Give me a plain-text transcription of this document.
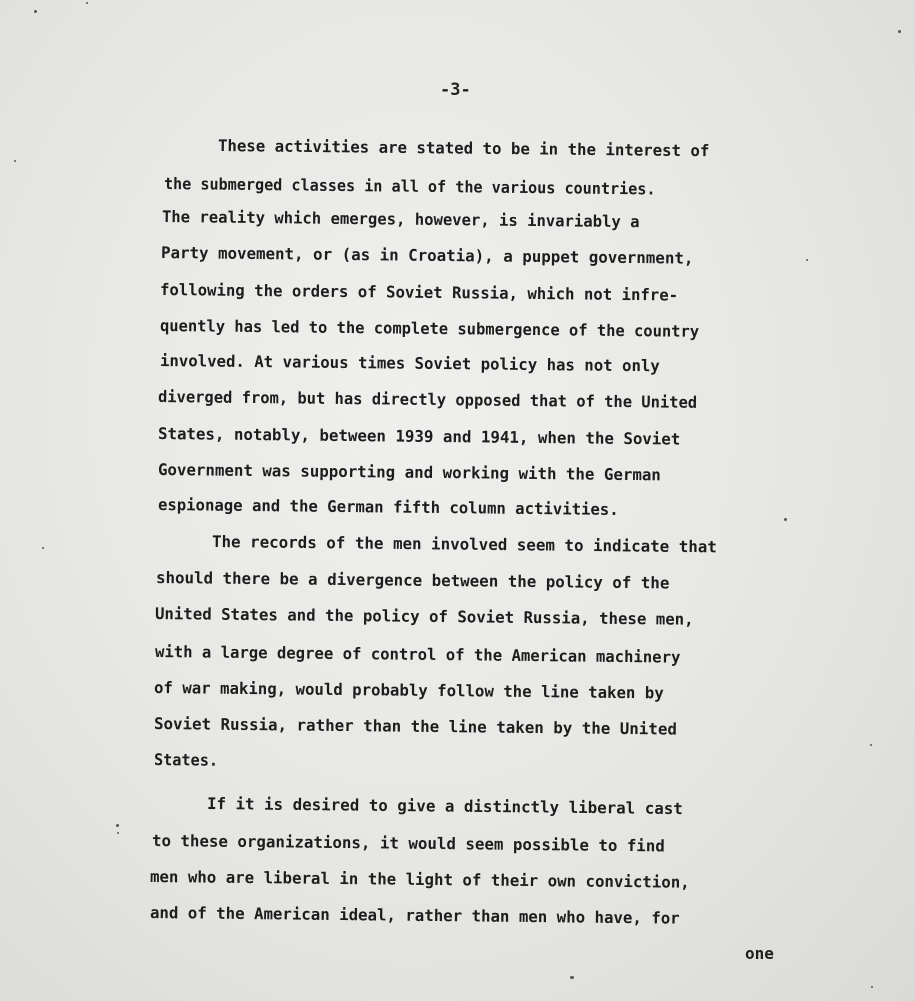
-3-
These activities are stated to be in the interest of
the submerged classes in all of the various countries.
The reality which emerges, however, is invariably a
Party movement, or (as in Croatia), a puppet government,
following the orders of Soviet Russia, which not infre-
quently has led to the complete submergence of the country
involved. At various times Soviet policy has not only
diverged from, but has directly opposed that of the United
States, notably, between 1939 and 1941, when the Soviet
Government was supporting and working with the German
espionage and the German fifth column activities.
The records of the men involved seem to indicate that
should there be a divergence between the policy of the
United States and the policy of Soviet Russia, these men,
with a large degree of control of the American machinery
of war making, would probably follow the line taken by
Soviet Russia, rather than the line taken by the United
States.
If it is desired to give a distinctly liberal cast
to these organizations, it would seem possible to find
men who are liberal in the light of their own conviction,
and of the American ideal, rather than men who have, for
one
